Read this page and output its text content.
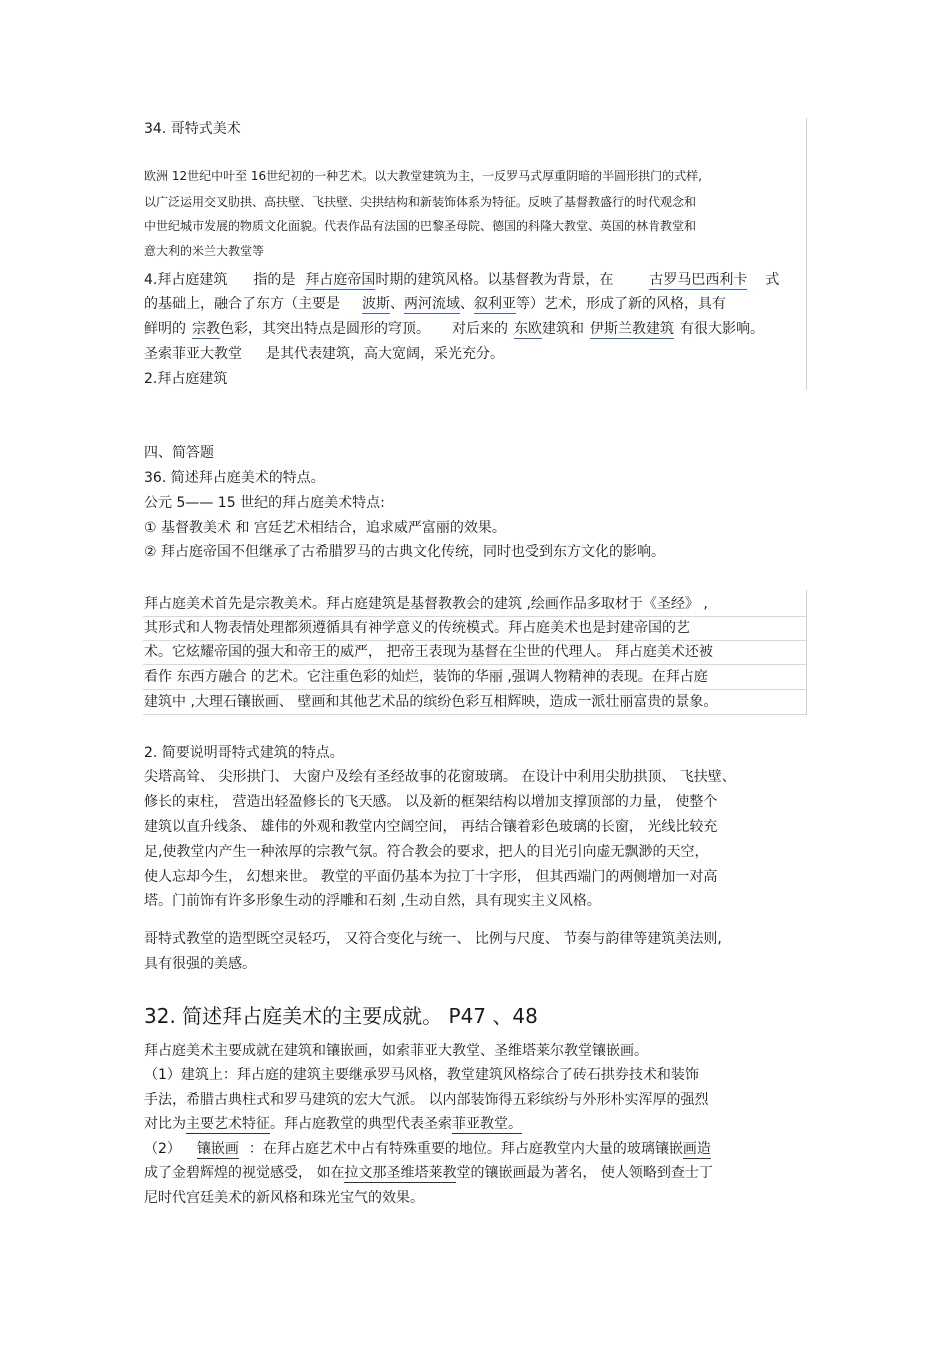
34. 哥特式美术
欧洲 12世纪中叶至 16世纪初的一种艺术。以大教堂建筑为主，一反罗马式厚重阴暗的半圆形拱门的式样,
以广泛运用交叉肋拱、高扶壁、飞扶壁、尖拱结构和新装饰体系为特征。反映了基督教盛行的时代观念和
中世纪城市发展的物质文化面貌。代表作品有法国的巴黎圣母院、德国的科隆大教堂、英国的林肯教堂和
意大利的米兰大教堂等
4.拜占庭建筑 指的是 拜占庭帝国时期的建筑风格。以基督教为背景，在	古罗马巴西利卡 式
的基础上，融合了东方（主要是 波斯、两河流域、叙利亚等）艺术，形成了新的风格，具有
鲜明的 宗教色彩，其突出特点是圆形的穹顶。 对后来的 东欧建筑和 伊斯兰教建筑 有很大影响。
圣索菲亚大教堂 是其代表建筑，高大宽阔，采光充分。
2.拜占庭建筑
四、简答题
36. 简述拜占庭美术的特点。
公元 5—— 15 世纪的拜占庭美术特点:
① 基督教美术 和 宫廷艺术相结合，追求威严富丽的效果。
② 拜占庭帝国不但继承了古希腊罗马的古典文化传统，同时也受到东方文化的影响。
拜占庭美术首先是宗教美术。拜占庭建筑是基督教教会的建筑 ,绘画作品多取材于《圣经》 ,
其形式和人物表情处理都须遵循具有神学意义的传统模式。拜占庭美术也是封建帝国的艺
术。它炫耀帝国的强大和帝王的威严， 把帝王表现为基督在尘世的代理人。 拜占庭美术还被
看作 东西方融合 的艺术。它注重色彩的灿烂，装饰的华丽 ,强调人物精神的表现。在拜占庭
建筑中 ,大理石镶嵌画、 壁画和其他艺术品的缤纷色彩互相辉映，造成一派壮丽富贵的景象。
2. 简要说明哥特式建筑的特点。
尖塔高耸、 尖形拱门、 大窗户及绘有圣经故事的花窗玻璃。 在设计中利用尖肋拱顶、 飞扶壁、
修长的束柱， 营造出轻盈修长的飞天感。 以及新的框架结构以增加支撑顶部的力量， 使整个
建筑以直升线条、 雄伟的外观和教堂内空阔空间， 再结合镶着彩色玻璃的长窗， 光线比较充
足,使教堂内产生一种浓厚的宗教气氛。符合教会的要求，把人的目光引向虚无飘渺的天空，
使人忘却今生， 幻想来世。 教堂的平面仍基本为拉丁十字形， 但其西端门的两侧增加一对高
塔。门前饰有许多形象生动的浮雕和石刻 ,生动自然，具有现实主义风格。
哥特式教堂的造型既空灵轻巧， 又符合变化与统一、 比例与尺度、 节奏与韵律等建筑美法则,
具有很强的美感。
32. 简述拜占庭美术的主要成就。 P47 、48
拜占庭美术主要成就在建筑和镶嵌画，如索菲亚大教堂、圣维塔莱尔教堂镶嵌画。
（1）建筑上：拜占庭的建筑主要继承罗马风格，教堂建筑风格综合了砖石拱券技术和装饰
手法，希腊古典柱式和罗马建筑的宏大气派。 以内部装饰得五彩缤纷与外形朴实浑厚的强烈
对比为主要艺术特征。拜占庭教堂的典型代表圣索菲亚教堂。
（2） 镶嵌画 ：在拜占庭艺术中占有特殊重要的地位。拜占庭教堂内大量的玻璃镶嵌画造
成了金碧辉煌的视觉感受， 如在拉文那圣维塔莱教堂的镶嵌画最为著名， 使人领略到查士丁
尼时代宫廷美术的新风格和珠光宝气的效果。
